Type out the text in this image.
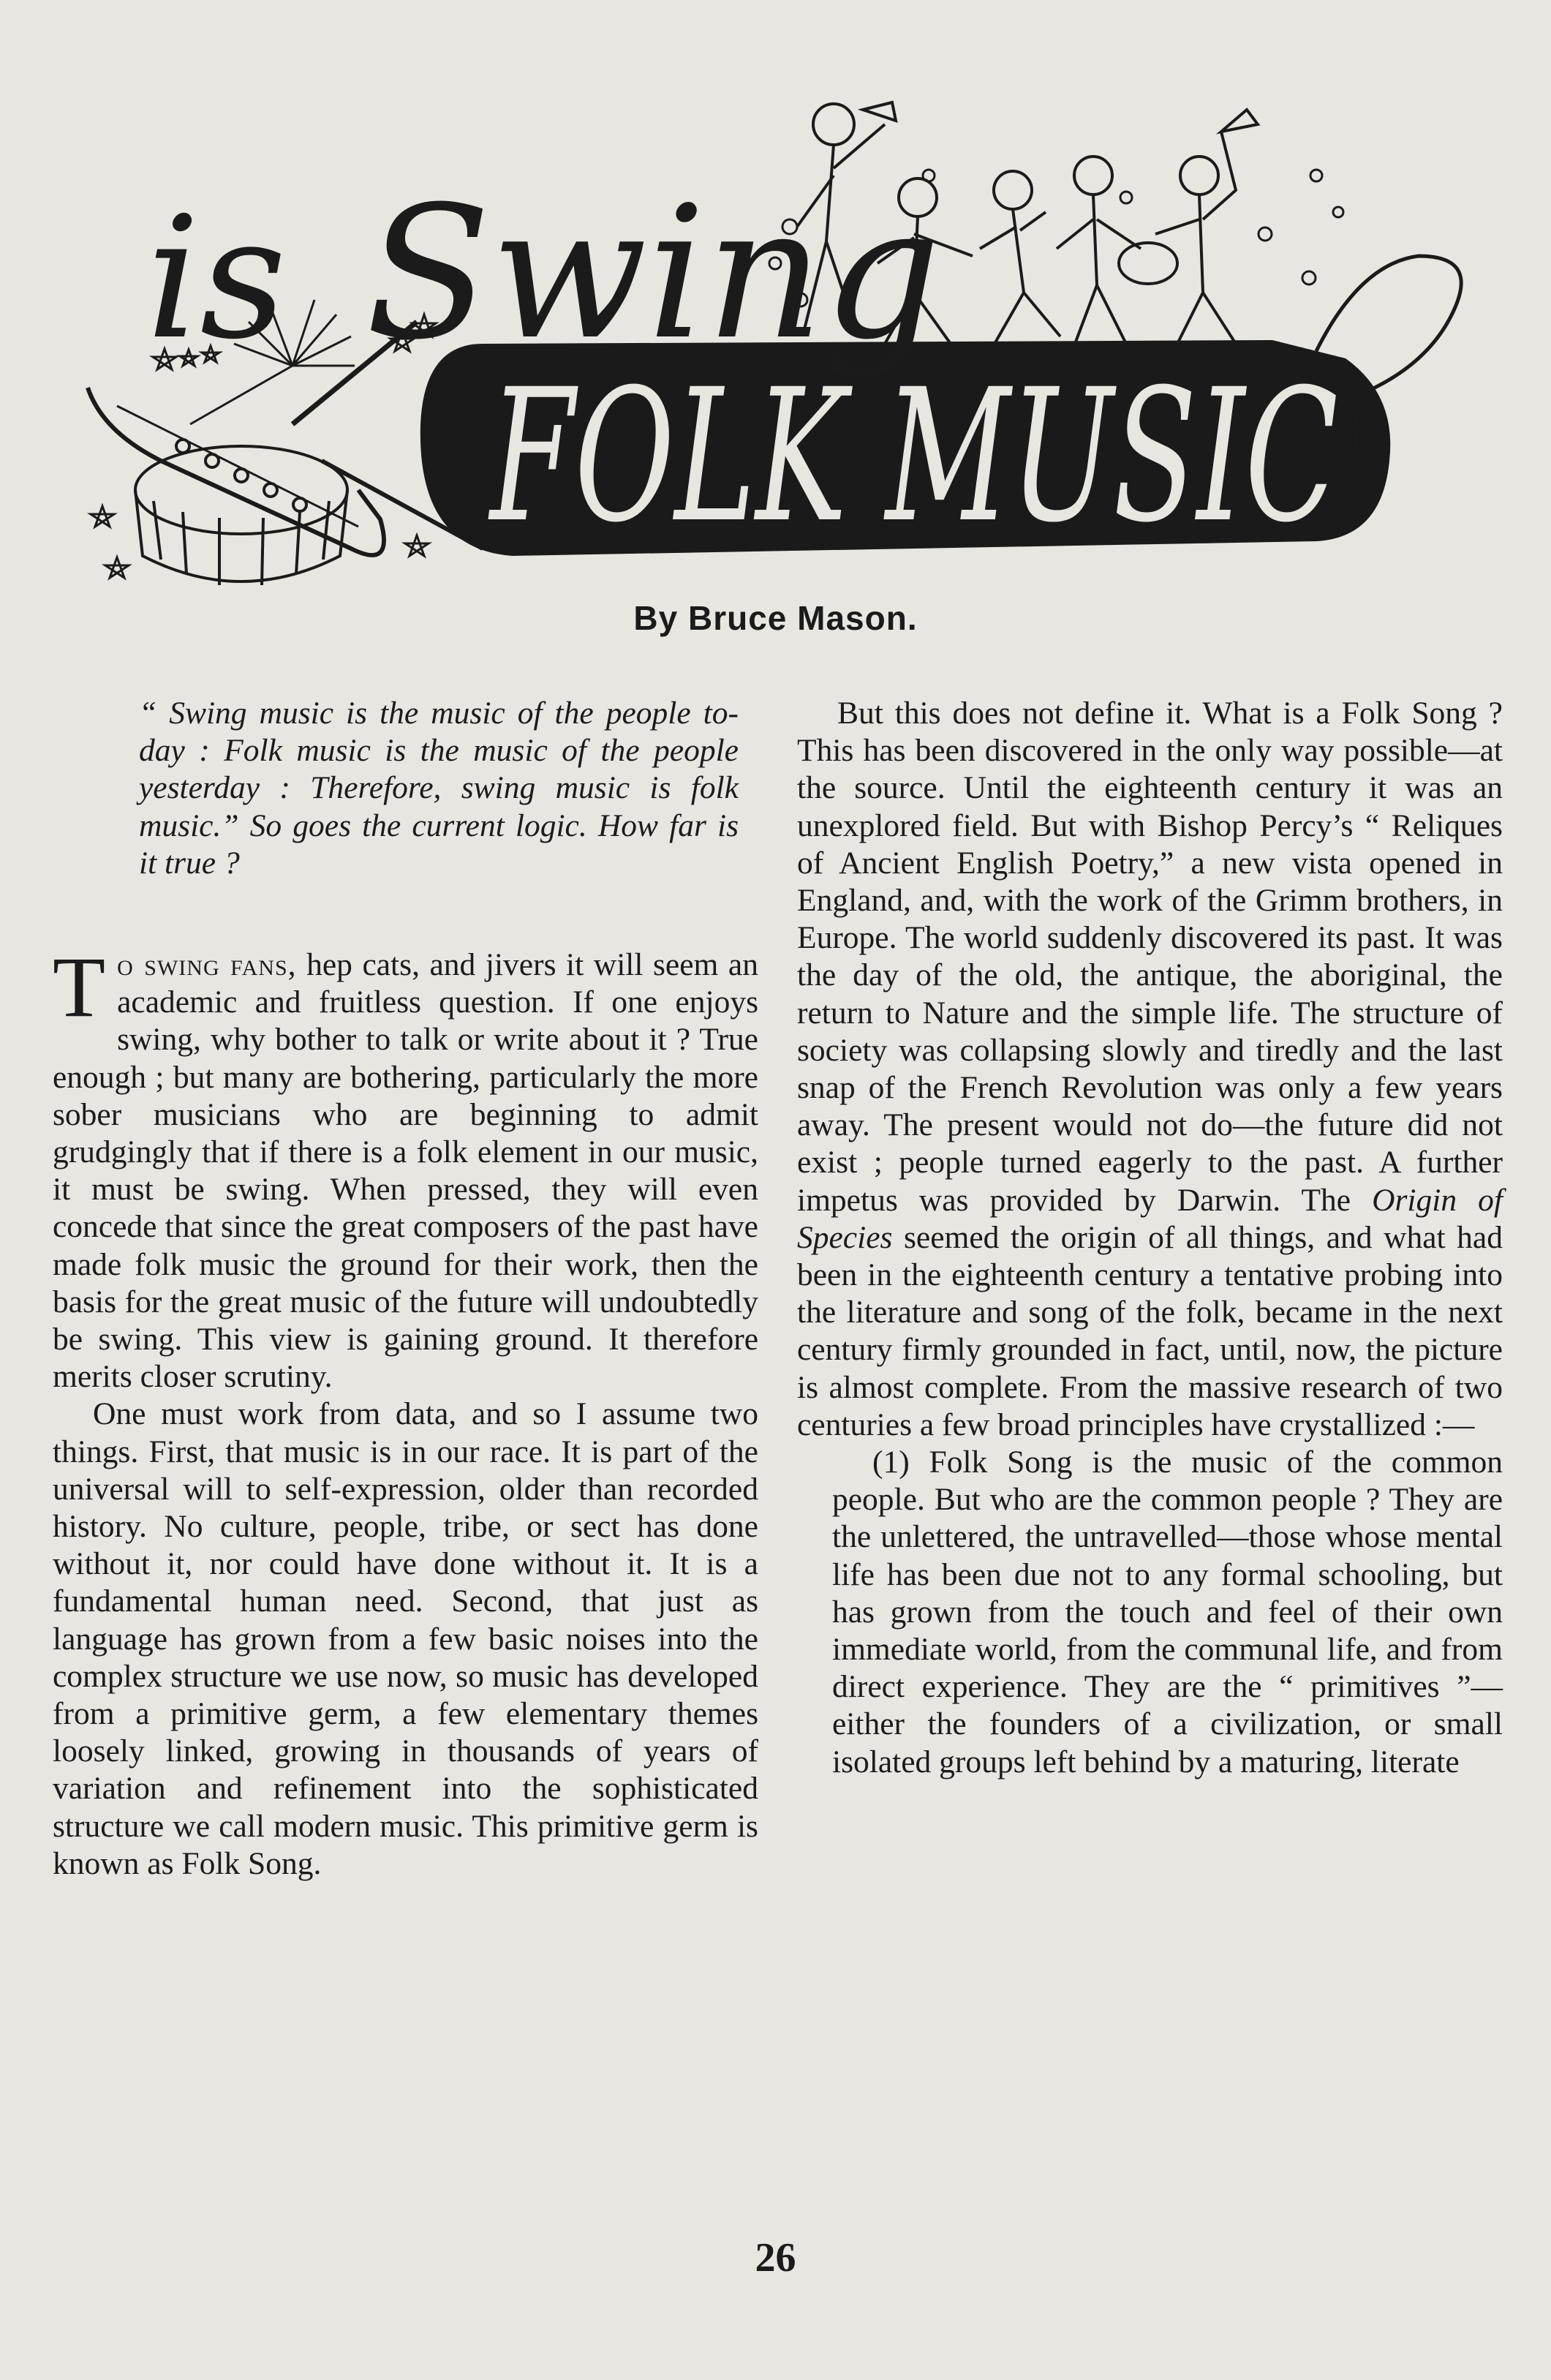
is Swing
FOLK MUSIC
By Bruce Mason.

“ Swing music is the music of the people to-day : Folk music is the music of the people yesterday : Therefore, swing music is folk music.” So goes the current logic. How far is it true ?

To swing fans, hep cats, and jivers it will seem an academic and fruitless question. If one enjoys swing, why bother to talk or write about it ? True enough ; but many are bothering, particularly the more sober musicians who are beginning to admit grudgingly that if there is a folk element in our music, it must be swing. When pressed, they will even concede that since the great composers of the past have made folk music the ground for their work, then the basis for the great music of the future will undoubtedly be swing. This view is gaining ground. It therefore merits closer scrutiny.

One must work from data, and so I assume two things. First, that music is in our race. It is part of the universal will to self-expression, older than recorded history. No culture, people, tribe, or sect has done without it, nor could have done without it. It is a fundamental human need. Second, that just as language has grown from a few basic noises into the complex structure we use now, so music has developed from a primitive germ, a few elementary themes loosely linked, growing in thousands of years of variation and refinement into the sophisticated structure we call modern music. This primitive germ is known as Folk Song.

But this does not define it. What is a Folk Song ? This has been discovered in the only way possible—at the source. Until the eighteenth century it was an unexplored field. But with Bishop Percy’s “ Reliques of Ancient English Poetry,” a new vista opened in England, and, with the work of the Grimm brothers, in Europe. The world suddenly discovered its past. It was the day of the old, the antique, the aboriginal, the return to Nature and the simple life. The structure of society was collapsing slowly and tiredly and the last snap of the French Revolution was only a few years away. The present would not do—the future did not exist ; people turned eagerly to the past. A further impetus was provided by Darwin. The Origin of Species seemed the origin of all things, and what had been in the eighteenth century a tentative probing into the literature and song of the folk, became in the next century firmly grounded in fact, until, now, the picture is almost complete. From the massive research of two centuries a few broad principles have crystallized :—

(1) Folk Song is the music of the common people. But who are the common people ? They are the unlettered, the untravelled—those whose mental life has been due not to any formal schooling, but has grown from the touch and feel of their own immediate world, from the communal life, and from direct experience. They are the “ primitives ”—either the founders of a civilization, or small isolated groups left behind by a maturing, literate

26
